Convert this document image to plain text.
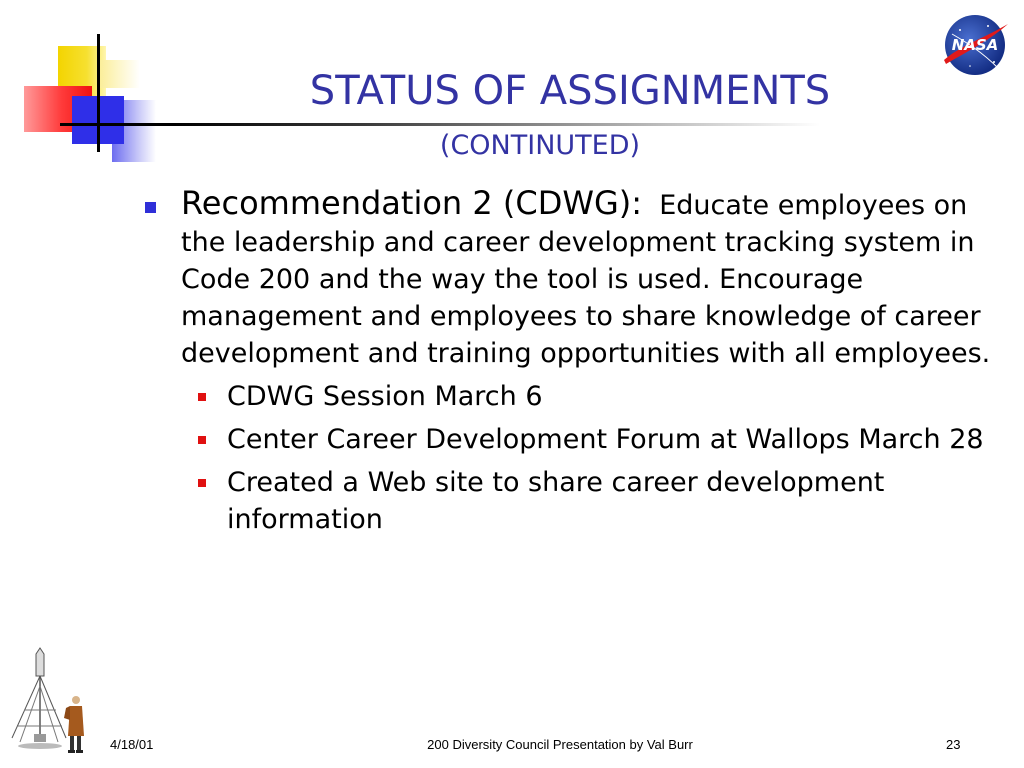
STATUS OF ASSIGNMENTS
(CONTINUTED)
NASA
Recommendation 2 (CDWG): Educate employees on the leadership and career development tracking system in Code 200 and the way the tool is used. Encourage management and employees to share knowledge of career development and training opportunities with all employees.
CDWG Session March 6
Center Career Development Forum at Wallops March 28
Created a Web site to share career development information
4/18/01	200 Diversity Council Presentation by Val Burr	23
